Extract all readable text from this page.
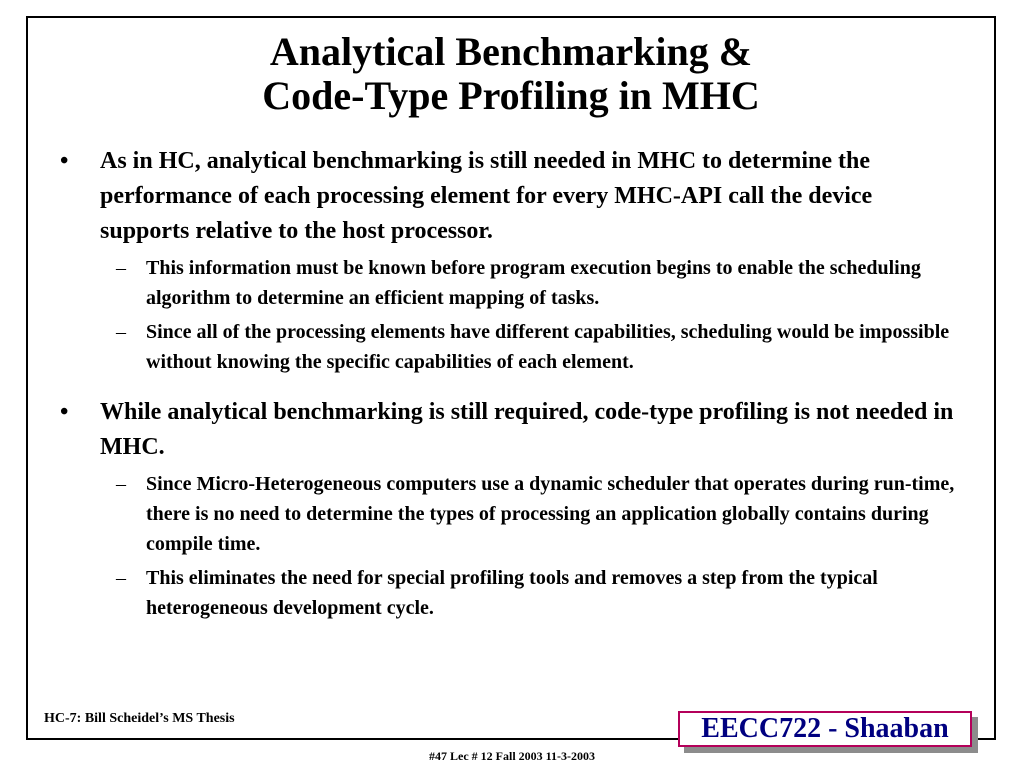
Analytical Benchmarking &
Code-Type Profiling in MHC
• As in HC, analytical benchmarking is still needed in MHC to determine the performance of each processing element for every MHC-API call the device supports relative to the host processor.
– This information must be known before program execution begins to enable the scheduling algorithm to determine an efficient mapping of tasks.
– Since all of the processing elements have different capabilities, scheduling would be impossible without knowing the specific capabilities of each element.
• While analytical benchmarking is still required, code-type profiling is not needed in MHC.
– Since Micro-Heterogeneous computers use a dynamic scheduler that operates during run-time, there is no need to determine the types of processing an application globally contains during compile time.
– This eliminates the need for special profiling tools and removes a step from the typical heterogeneous development cycle.
HC-7: Bill Scheidel’s MS Thesis	EECC722 - Shaaban
#47 Lec # 12 Fall 2003 11-3-2003
